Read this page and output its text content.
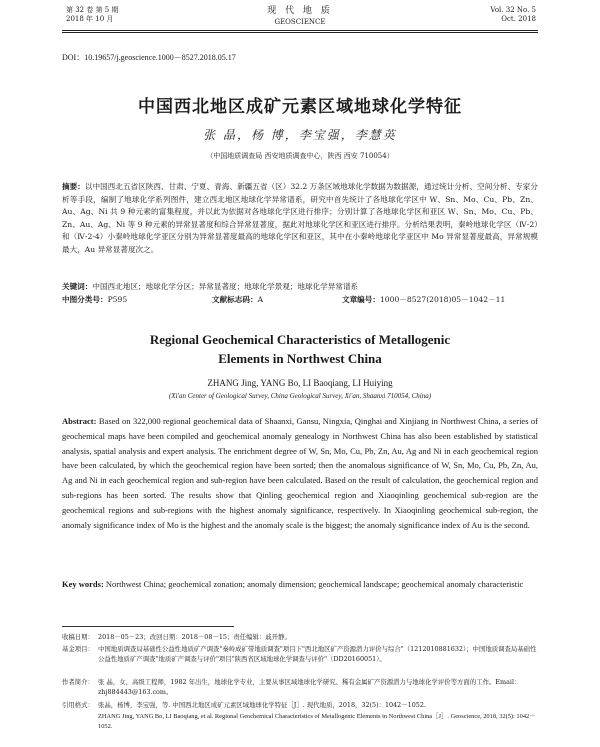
第 32 卷 第 5 期
2018 年 10 月
现 代 地 质
GEOSCIENCE
Vol. 32 No. 5
Oct. 2018
DOI：10.19657/j.geoscience.1000－8527.2018.05.17
中国西北地区成矿元素区域地球化学特征
张 晶，杨 博，李宝强，李慧英
（中国地质调查局 西安地质调查中心，陕西 西安 710054）
摘要：以中国西北五省区陕西、甘肃、宁夏、青海、新疆五省（区）32.2 万条区域地球化学数据为数据源，通过统计分析、空间分析、专家分析等手段，编制了地球化学系列图件，建立西北地区地球化学异常谱系，研究中首先统计了各地球化学区中 W、Sn、Mo、Cu、Pb、Zn、Au、Ag、Ni 共 9 种元素的富集程度，并以此为依据对各地球化学区进行排序；分别计算了各地球化学区和亚区 W、Sn、Mo、Cu、Pb、Zn、Au、Ag、Ni 等 9 种元素的异常显著度和综合异常显著度，据此对地球化学区和亚区进行排序。分析结果表明，秦岭地球化学区（Ⅳ-2）和（Ⅳ-2-4）小秦岭地球化学亚区分别为异常显著度最高的地球化学区和亚区，其中在小秦岭地球化学亚区中 Mo 异常显著度最高，异常规模最大，Au 异常显著度次之。
关键词：中国西北地区；地球化学分区；异常显著度；地球化学景观；地球化学异常谱系
中图分类号：P595	文献标志码：A	文章编号：1000－8527(2018)05－1042－11
Regional Geochemical Characteristics of Metallogenic
Elements in Northwest China
ZHANG Jing, YANG Bo, LI Baoqiang, LI Huiying
(Xi'an Center of Geological Survey, China Geological Survey, Xi'an, Shaanxi 710054, China)
Abstract: Based on 322,000 regional geochemical data of Shaanxi, Gansu, Ningxia, Qinghai and Xinjiang in Northwest China, a series of geochemical maps have been compiled and geochemical anomaly genealogy in Northwest China has also been established by statistical analysis, spatial analysis and expert analysis. The enrichment degree of W, Sn, Mo, Cu, Pb, Zn, Au, Ag and Ni in each geochemical region have been calculated, by which the geochemical region have been sorted; then the anomalous significance of W, Sn, Mo, Cu, Pb, Zn, Au, Ag and Ni in each geochemical region and sub-region have been calculated. Based on the result of calculation, the geochemical region and sub-regions has been sorted. The results show that Qinling geochemical region and Xiaoqinling geochemical sub-region are the geochemical regions and sub-regions with the highest anomaly significance, respectively. In Xiaoqinling geochemical sub-region, the anomaly significance index of Mo is the highest and the anomaly scale is the biggest; the anomaly significance index of Au is the second.
Key words: Northwest China; geochemical zonation; anomaly dimension; geochemical landscape; geochemical anomaly characteristic
收稿日期： 2018－05－23；改回日期：2018－08－15；责任编辑：戚开静。
基金项目： 中国地质调查局基础性公益性地质矿产调查"秦岭成矿带地质调查"项目下"西北地区矿产资源潜力评价与综合"（1212010881632）；中国地质调查局基础性公益性地质矿产调查"地质矿产调查与评价"项目"陕西省区域地球化学调查与评价"（DD20160051）。
作者简介： 张 晶，女，高级工程师，1982 年出生，地球化学专业，主要从事区域地球化学研究、稀有金属矿产资源潜力与地球化学评价等方面的工作。Email：zhj884443@163.com。
引用格式： 张晶，杨博，李宝强，等. 中国西北地区成矿元素区域地球化学特征［J］. 现代地质，2018，32(5)：1042－1052.
ZHANG Jing, YANG Bo, LI Baoqiang, et al. Regional Geochemical Characteristics of Metallogenic Elements in Northwest China［J］. Geoscience, 2018, 32(5): 1042－1052.
